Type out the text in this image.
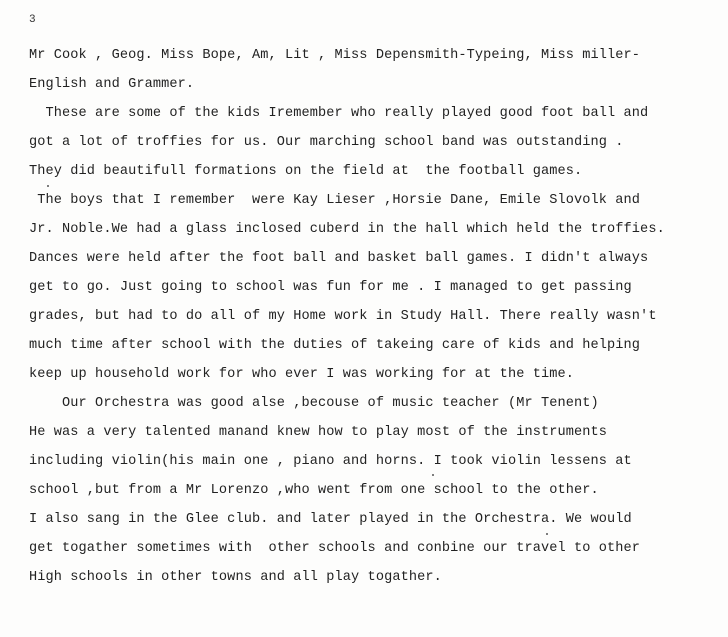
3
Mr Cook , Geog. Miss Bope, Am, Lit , Miss Depensmith-Typeing, Miss miller-
English and Grammer.
These are some of the kids Iremember who really played good foot ball and
got a lot of troffies for us. Our marching school band was outstanding .
They did beautifull formations on the field at  the football games.
The boys that I remember  were Kay Lieser ,Horsie Dane, Emile Slovolk and
Jr. Noble.We had a glass inclosed cuberd in the hall which held the troffies.
Dances were held after the foot ball and basket ball games. I didn't always
get to go. Just going to school was fun for me . I managed to get passing
grades, but had to do all of my Home work in Study Hall. There really wasn't
much time after school with the duties of takeing care of kids and helping
keep up household work for who ever I was working for at the time.
Our Orchestra was good alse ,becouse of music teacher (Mr Tenent)
He was a very talented manand knew how to play most of the instruments
including violin(his main one , piano and horns. I took violin lessens at
school ,but from a Mr Lorenzo ,who went from one school to the other.
I also sang in the Glee club. and later played in the Orchestra. We would
get togather sometimes with  other schools and conbine our travel to other
High schools in other towns and all play togather.
